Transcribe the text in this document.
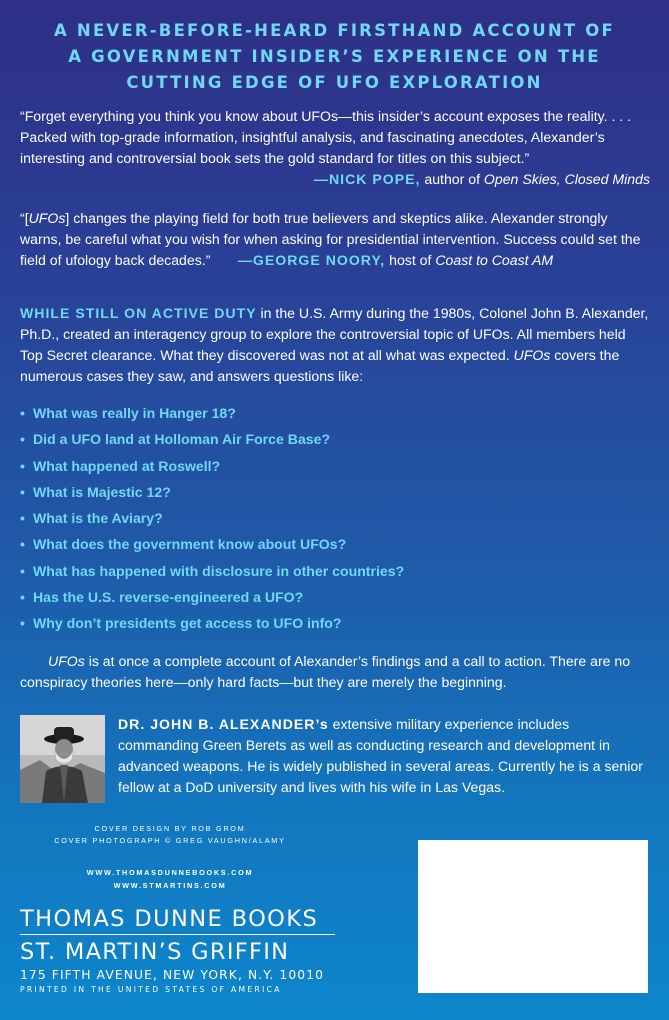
A NEVER-BEFORE-HEARD FIRSTHAND ACCOUNT OF
A GOVERNMENT INSIDER’S EXPERIENCE ON THE
CUTTING EDGE OF UFO EXPLORATION
“Forget everything you think you know about UFOs—this insider’s account exposes the reality. . . . Packed with top-grade information, insightful analysis, and fascinating anecdotes, Alexander’s interesting and controversial book sets the gold standard for titles on this subject.”
—NICK POPE, author of Open Skies, Closed Minds
“[UFOs] changes the playing field for both true believers and skeptics alike. Alexander strongly warns, be careful what you wish for when asking for presidential intervention. Success could set the field of ufology back decades.” —GEORGE NOORY, host of Coast to Coast AM
WHILE STILL ON ACTIVE DUTY in the U.S. Army during the 1980s, Colonel John B. Alexander, Ph.D., created an interagency group to explore the controversial topic of UFOs. All members held Top Secret clearance. What they discovered was not at all what was expected. UFOs covers the numerous cases they saw, and answers questions like:
• What was really in Hanger 18?
• Did a UFO land at Holloman Air Force Base?
• What happened at Roswell?
• What is Majestic 12?
• What is the Aviary?
• What does the government know about UFOs?
• What has happened with disclosure in other countries?
• Has the U.S. reverse-engineered a UFO?
• Why don’t presidents get access to UFO info?
UFOs is at once a complete account of Alexander’s findings and a call to action. There are no conspiracy theories here—only hard facts—but they are merely the beginning.
DR. JOHN B. ALEXANDER’s extensive military experience includes commanding Green Berets as well as conducting research and development in advanced weapons. He is widely published in several areas. Currently he is a senior fellow at a DoD university and lives with his wife in Las Vegas.
COVER DESIGN BY ROB GROM
COVER PHOTOGRAPH © GREG VAUGHN/ALAMY
WWW.THOMASDUNNEBOOKS.COM
WWW.STMARTINS.COM
THOMAS DUNNE BOOKS
ST. MARTIN’S GRIFFIN
175 FIFTH AVENUE, NEW YORK, N.Y. 10010
PRINTED IN THE UNITED STATES OF AMERICA
